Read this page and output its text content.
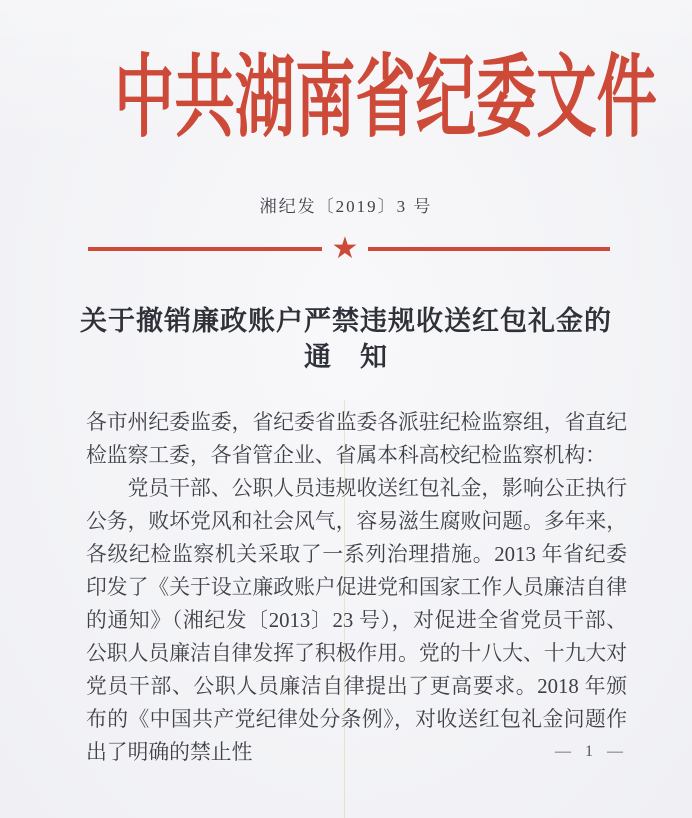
中共湖南省纪委文件
湘纪发〔2019〕3 号
★
关于撤销廉政账户严禁违规收送红包礼金的
通　知

各市州纪委监委，省纪委省监委各派驻纪检监察组，省直纪检监察工委，各省管企业、省属本科高校纪检监察机构：

党员干部、公职人员违规收送红包礼金，影响公正执行公务，败坏党风和社会风气，容易滋生腐败问题。多年来，各级纪检监察机关采取了一系列治理措施。2013 年省纪委印发了《关于设立廉政账户促进党和国家工作人员廉洁自律的通知》（湘纪发〔2013〕23 号），对促进全省党员干部、公职人员廉洁自律发挥了积极作用。党的十八大、十九大对党员干部、公职人员廉洁自律提出了更高要求。2018 年颁布的《中国共产党纪律处分条例》，对收送红包礼金问题作出了明确的禁止性	— 1 —
